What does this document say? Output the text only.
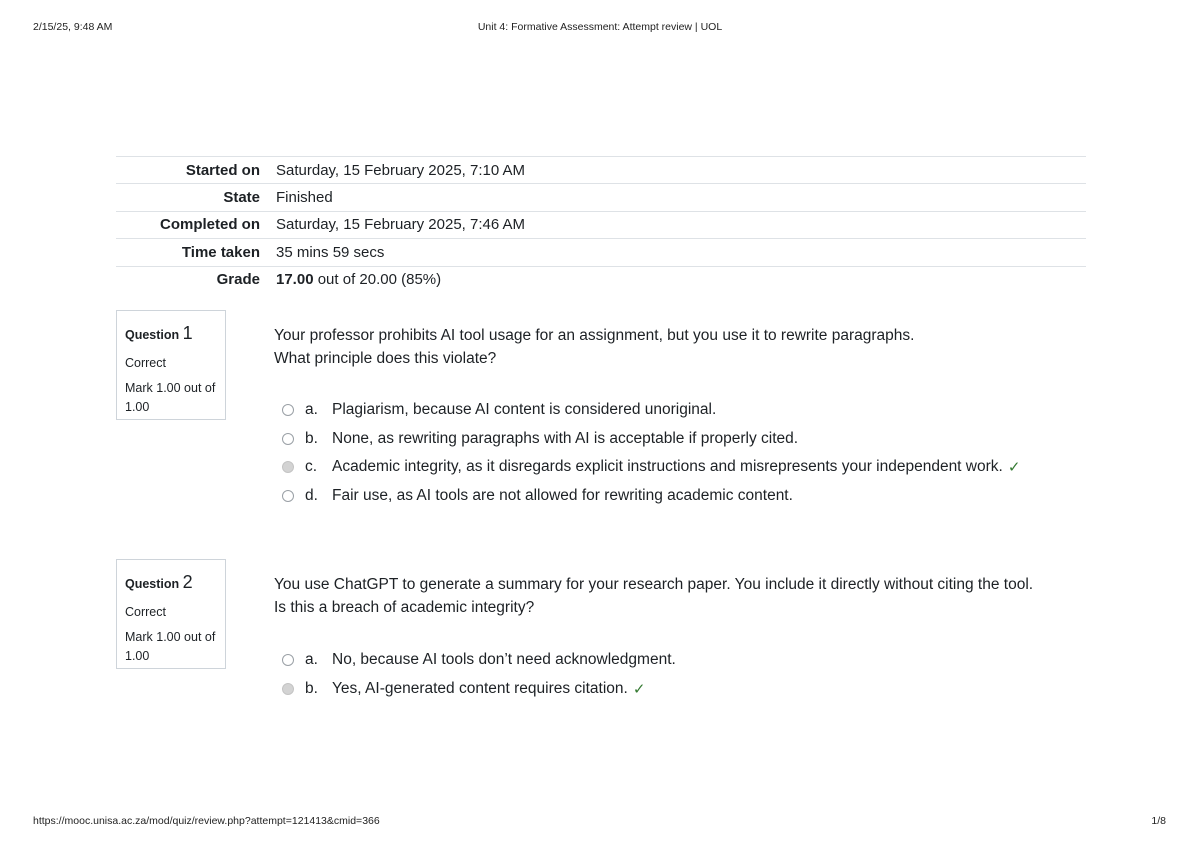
2/15/25, 9:48 AM	Unit 4: Formative Assessment: Attempt review | UOL
Started on	Saturday, 15 February 2025, 7:10 AM
State	Finished
Completed on	Saturday, 15 February 2025, 7:46 AM
Time taken	35 mins 59 secs
Grade	17.00 out of 20.00 (85%)
Question 1
Correct
Mark 1.00 out of 1.00
Your professor prohibits AI tool usage for an assignment, but you use it to rewrite paragraphs.
What principle does this violate?
a. Plagiarism, because AI content is considered unoriginal.
b. None, as rewriting paragraphs with AI is acceptable if properly cited.
c. Academic integrity, as it disregards explicit instructions and misrepresents your independent work. ✓
d. Fair use, as AI tools are not allowed for rewriting academic content.
Question 2
Correct
Mark 1.00 out of 1.00
You use ChatGPT to generate a summary for your research paper. You include it directly without citing the tool.
Is this a breach of academic integrity?
a. No, because AI tools don’t need acknowledgment.
b. Yes, AI-generated content requires citation. ✓
https://mooc.unisa.ac.za/mod/quiz/review.php?attempt=121413&cmid=366	1/8
